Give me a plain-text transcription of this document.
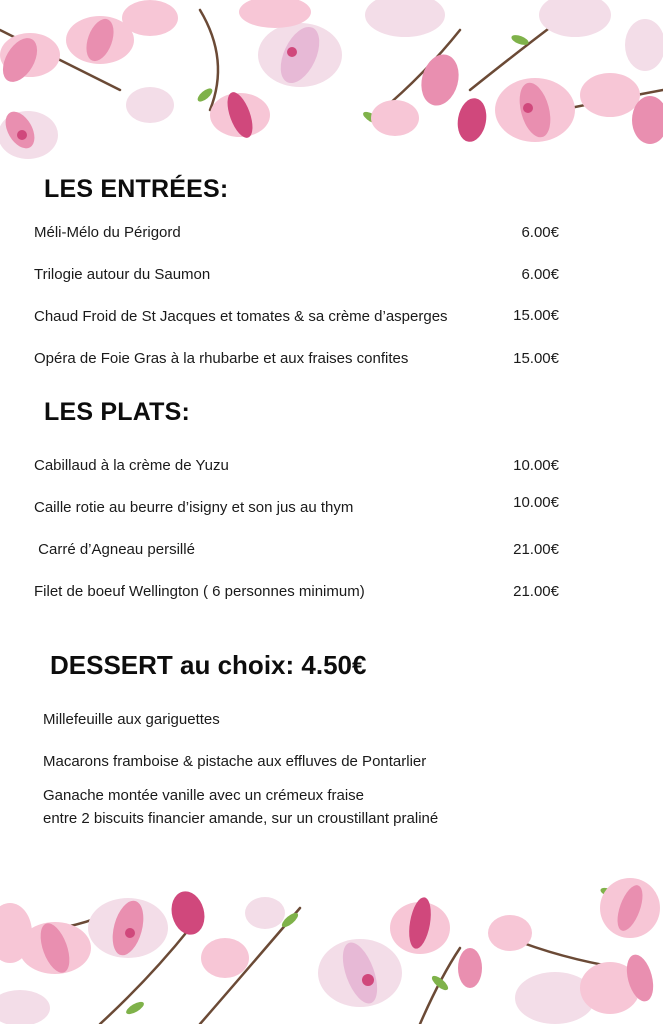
LES ENTRÉES:
Méli-Mélo du Périgord	6.00€
Trilogie autour du Saumon	6.00€
Chaud Froid de St Jacques et tomates & sa crème d’asperges	15.00€
Opéra de Foie Gras à la rhubarbe et aux fraises confites	15.00€
LES PLATS:
Cabillaud à la crème de Yuzu	10.00€
Caille rotie au beurre d’isigny et son jus au thym	10.00€
Carré d’Agneau persillé	21.00€
Filet de boeuf Wellington ( 6 personnes minimum)	21.00€
DESSERT au choix: 4.50€
Millefeuille aux gariguettes
Macarons framboise & pistache aux effluves de Pontarlier
Ganache montée vanille avec un crémeux fraise
entre 2 biscuits financier amande, sur un croustillant praliné
